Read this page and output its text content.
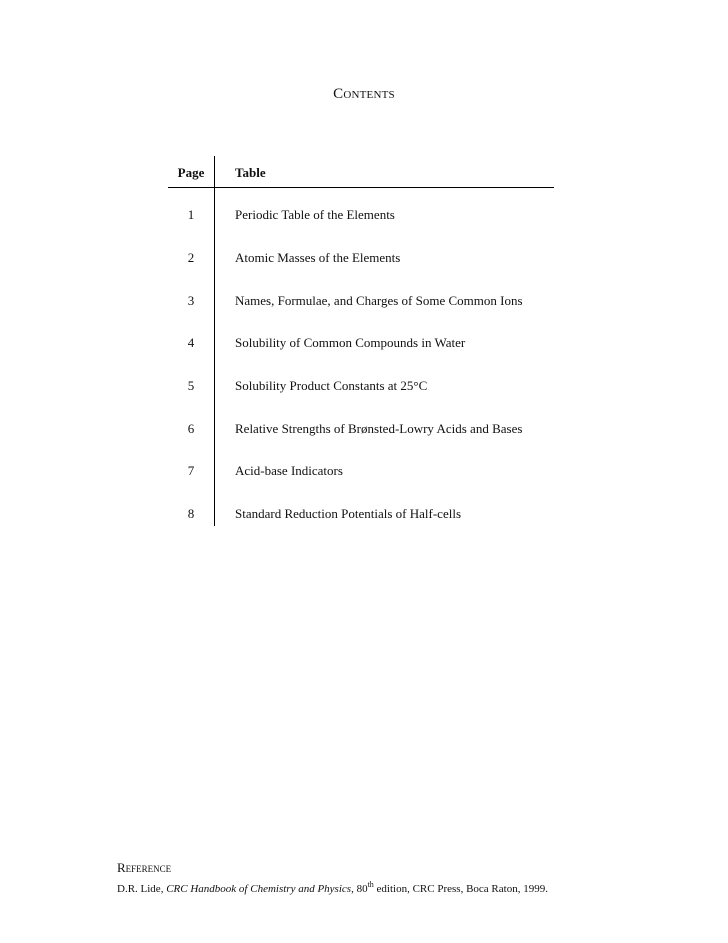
Contents
Page	Table
1	Periodic Table of the Elements
2	Atomic Masses of the Elements
3	Names, Formulae, and Charges of Some Common Ions
4	Solubility of Common Compounds in Water
5	Solubility Product Constants at 25°C
6	Relative Strengths of Brønsted-Lowry Acids and Bases
7	Acid-base Indicators
8	Standard Reduction Potentials of Half-cells
Reference
D.R. Lide, CRC Handbook of Chemistry and Physics, 80th edition, CRC Press, Boca Raton, 1999.
